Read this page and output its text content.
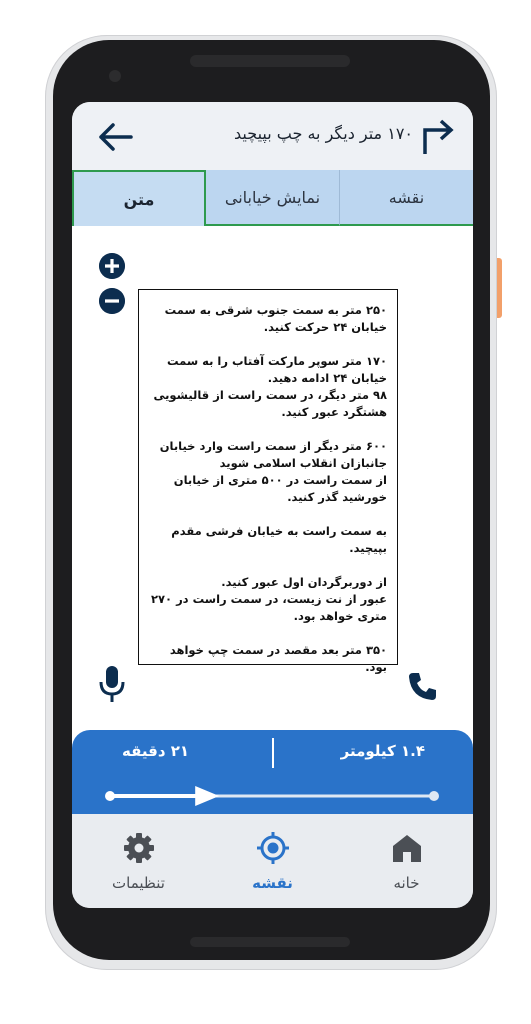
۱۷۰ متر دیگر به چپ بپیچید
متن	نمایش خیابانی	نقشه

۲۵۰ متر به سمت جنوب شرقی به سمت خیابان ۲۴ حرکت کنید.

۱۷۰ متر سوپر مارکت آفتاب را به سمت خیابان ۲۴ ادامه دهید.

۹۸ متر دیگر، در سمت راست از قالیشویی هشتگرد عبور کنید.

۶۰۰ متر دیگر از سمت راست وارد خیابان جانبازان انقلاب اسلامی شوید

از سمت راست در ۵۰۰ متری از خیابان خورشید گذر کنید.

به سمت راست به خیابان فرشی مقدم بپیچید.

از دوربرگردان اول عبور کنید.

عبور از نت زیست، در سمت راست در ۲۷۰ متری خواهد بود.

۳۵۰ متر بعد مقصد در سمت چپ خواهد بود.

۱.۴ کیلومتر
۲۱ دقیقه
تنظیمات	نقشه	خانه
